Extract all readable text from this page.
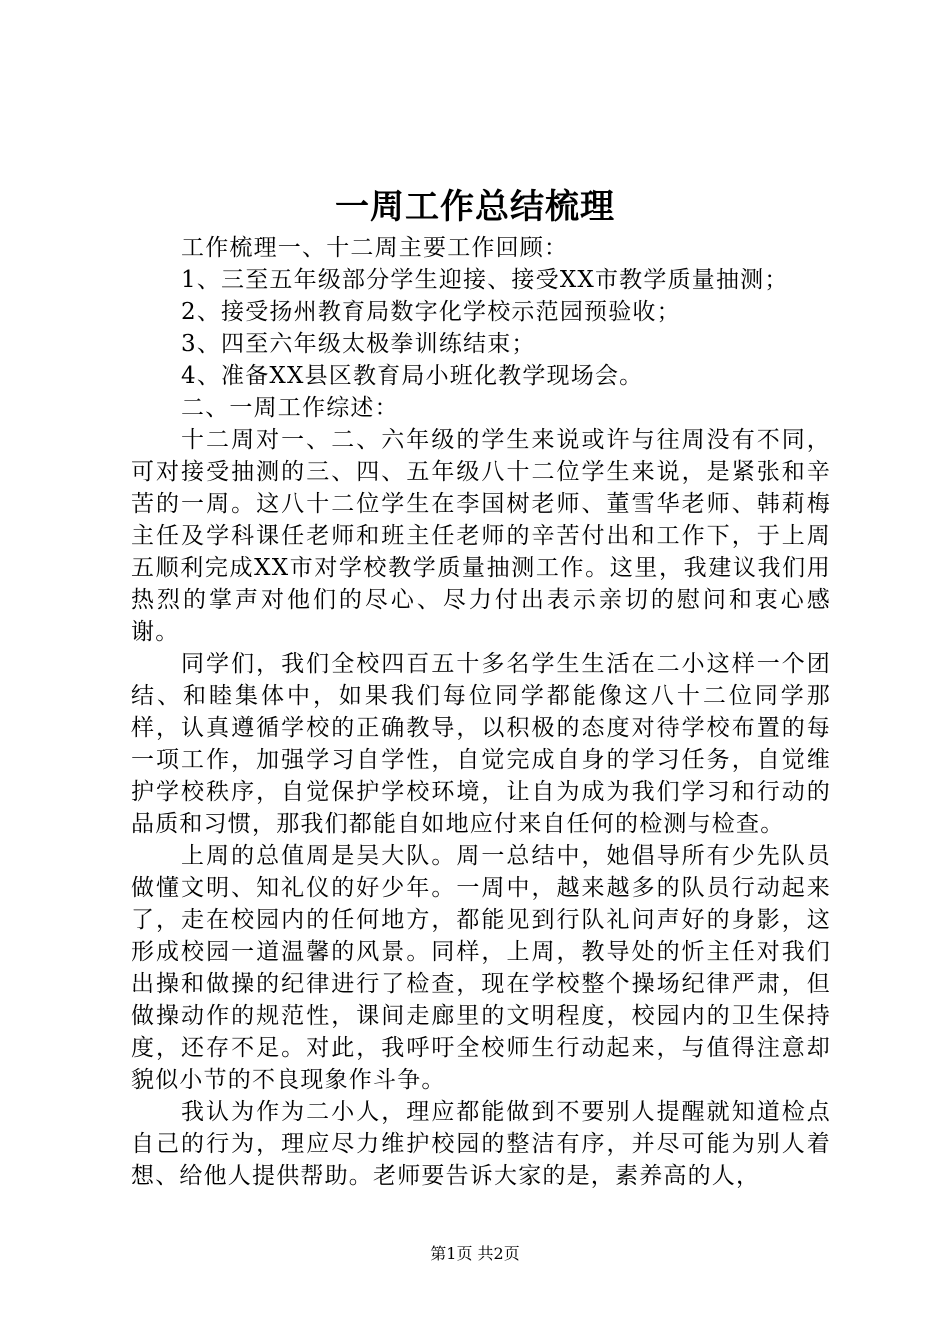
一周工作总结梳理
工作梳理一、十二周主要工作回顾：
1、三至五年级部分学生迎接、接受XX市教学质量抽测；
2、接受扬州教育局数字化学校示范园预验收；
3、四至六年级太极拳训练结束；
4、准备XX县区教育局小班化教学现场会。
二、一周工作综述：
十二周对一、二、六年级的学生来说或许与往周没有不同，可对接受抽测的三、四、五年级八十二位学生来说，是紧张和辛苦的一周。这八十二位学生在李国树老师、董雪华老师、韩莉梅主任及学科课任老师和班主任老师的辛苦付出和工作下，于上周五顺利完成XX市对学校教学质量抽测工作。这里，我建议我们用热烈的掌声对他们的尽心、尽力付出表示亲切的慰问和衷心感谢。
同学们，我们全校四百五十多名学生生活在二小这样一个团结、和睦集体中，如果我们每位同学都能像这八十二位同学那样，认真遵循学校的正确教导，以积极的态度对待学校布置的每一项工作，加强学习自学性，自觉完成自身的学习任务，自觉维护学校秩序，自觉保护学校环境，让自为成为我们学习和行动的品质和习惯，那我们都能自如地应付来自任何的检测与检查。
上周的总值周是吴大队。周一总结中，她倡导所有少先队员做懂文明、知礼仪的好少年。一周中，越来越多的队员行动起来了，走在校园内的任何地方，都能见到行队礼问声好的身影，这形成校园一道温馨的风景。同样，上周，教导处的忻主任对我们出操和做操的纪律进行了检查，现在学校整个操场纪律严肃，但做操动作的规范性，课间走廊里的文明程度，校园内的卫生保持度，还存不足。对此，我呼吁全校师生行动起来，与值得注意却貌似小节的不良现象作斗争。
我认为作为二小人，理应都能做到不要别人提醒就知道检点自己的行为，理应尽力维护校园的整洁有序，并尽可能为别人着想、给他人提供帮助。老师要告诉大家的是，素养高的人，
第1页 共2页
